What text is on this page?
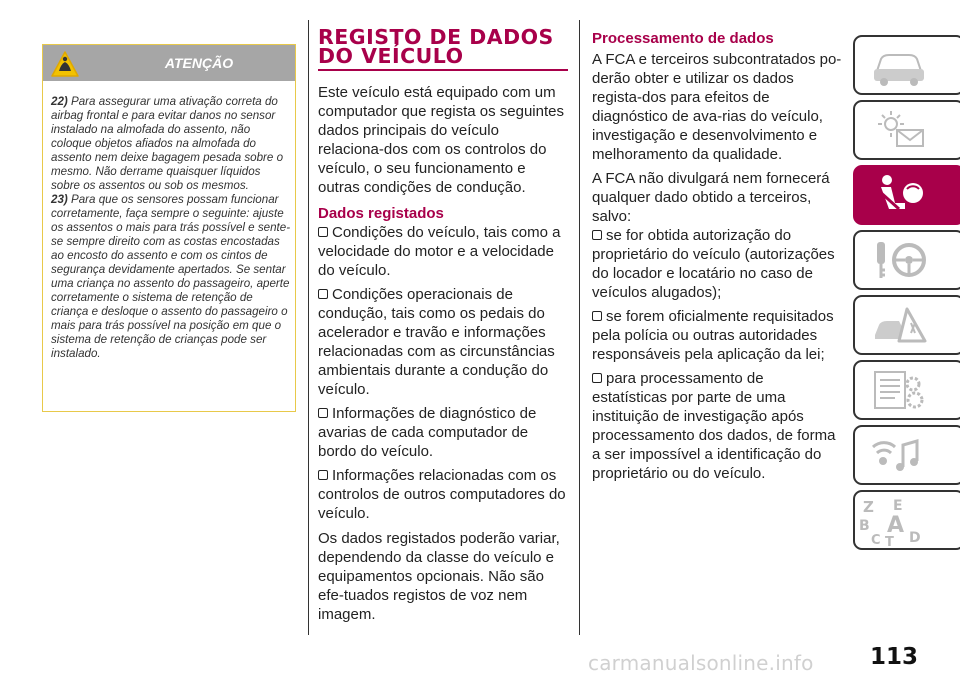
ATENÇÃO

22) Para assegurar uma ativação correta do airbag frontal e para evitar danos no sensor instalado na almofada do assento, não coloque objetos afiados na almofada do assento nem deixe bagagem pesada sobre o mesmo. Não derrame quaisquer líquidos sobre os assentos ou sob os mesmos.

23) Para que os sensores possam funcionar corretamente, faça sempre o seguinte: ajuste os assentos o mais para trás possível e sente-se sempre direito com as costas encostadas ao encosto do assento e com os cintos de segurança devidamente apertados. Se sentar uma criança no assento do passageiro, aperte corretamente o sistema de retenção de criança e desloque o assento do passageiro o mais para trás possível na posição em que o sistema de retenção de crianças pode ser instalado.

REGISTO DE DADOS
DO VEÍCULO

Este veículo está equipado com um computador que regista os seguintes dados principais do veículo relaciona-dos com os controlos do veículo, o seu funcionamento e outras condições de condução.

Dados registados

Condições do veículo, tais como a velocidade do motor e a velocidade do veículo.

Condições operacionais de condução, tais como os pedais do acelerador e travão e informações relacionadas com as circunstâncias ambientais durante a condução do veículo.

Informações de diagnóstico de avarias de cada computador de bordo do veículo.

Informações relacionadas com os controlos de outros computadores do veículo.

Os dados registados poderão variar, dependendo da classe do veículo e equipamentos opcionais. Não são efe-tuados registos de voz nem imagem.

Processamento de dados

A FCA e terceiros subcontratados po-derão obter e utilizar os dados regista-dos para efeitos de diagnóstico de ava-rias do veículo, investigação e desenvolvimento e melhoramento da qualidade.

A FCA não divulgará nem fornecerá qualquer dado obtido a terceiros, salvo:

se for obtida autorização do proprietário do veículo (autorizações do locador e locatário no caso de veículos alugados);

se forem oficialmente requisitados pela polícia ou outras autoridades responsáveis pela aplicação da lei;

para processamento de estatísticas por parte de uma instituição de investigação após processamento dos dados, de forma a ser impossível a identificação do proprietário ou do veículo.

Z E
B A
C T D
113
carmanualsonline.info
